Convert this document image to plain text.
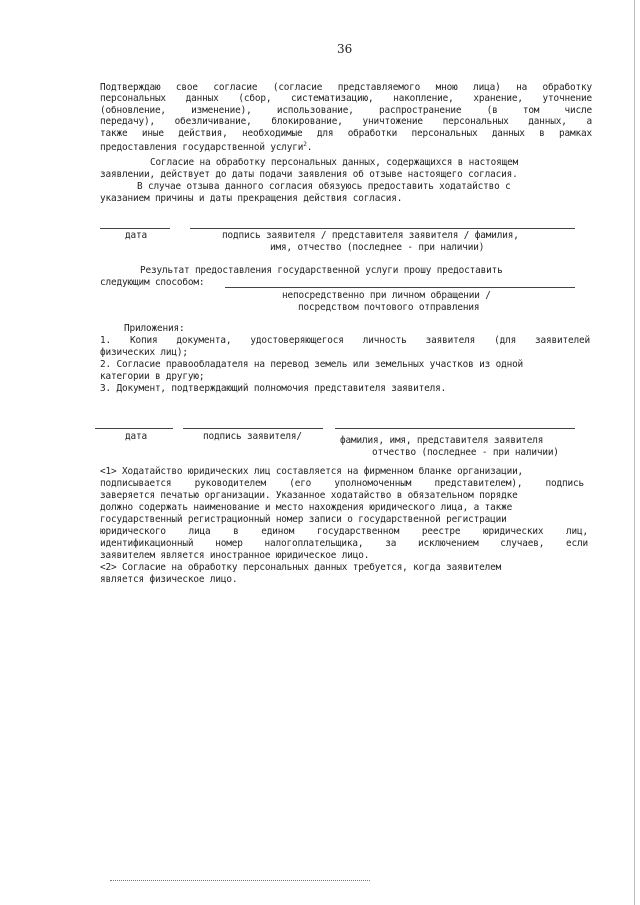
36
Подтверждаю свое согласие (согласие представляемого мною лица) на обработку
персональных данных (сбор, систематизацию, накопление, хранение, уточнение
(обновление, изменение), использование, распространение (в том числе
передачу), обезличивание, блокирование, уничтожение персональных данных, а
также иные действия, необходимые для обработки персональных данных в рамках
предоставления государственной услуги$^2$.
Согласие на обработку персональных данных, содержащихся в настоящем
заявлении, действует до даты подачи заявления об отзыве настоящего согласия.
В случае отзыва данного согласия обязуюсь предоставить ходатайство с
указанием причины и даты прекращения действия согласия.
дата	подпись заявителя / представителя заявителя / фамилия,
имя, отчество (последнее - при наличии)
Результат предоставления государственной услуги прошу предоставить
следующим способом:
непосредственно при личном обращении /
посредством почтового отправления
Приложения:
1. Копия документа, удостоверяющегося личность заявителя (для заявителей
физических лиц);
2. Согласие правообладателя на перевод земель или земельных участков из одной
категории в другую;
3. Документ, подтверждающий полномочия представителя заявителя.
дата	подпись заявителя/	фамилия, имя, представителя заявителя
отчество (последнее - при наличии)
<1> Ходатайство юридических лиц составляется на фирменном бланке организации,
подписывается руководителем (его уполномоченным представителем), подпись
заверяется печатью организации. Указанное ходатайство в обязательном порядке
должно содержать наименование и место нахождения юридического лица, а также
государственный регистрационный номер записи о государственной регистрации
юридического лица в едином государственном реестре юридических лиц,
идентификационный номер налогоплательщика, за исключением случаев, если
заявителем является иностранное юридическое лицо.
<2> Согласие на обработку персональных данных требуется, когда заявителем
является физическое лицо.
